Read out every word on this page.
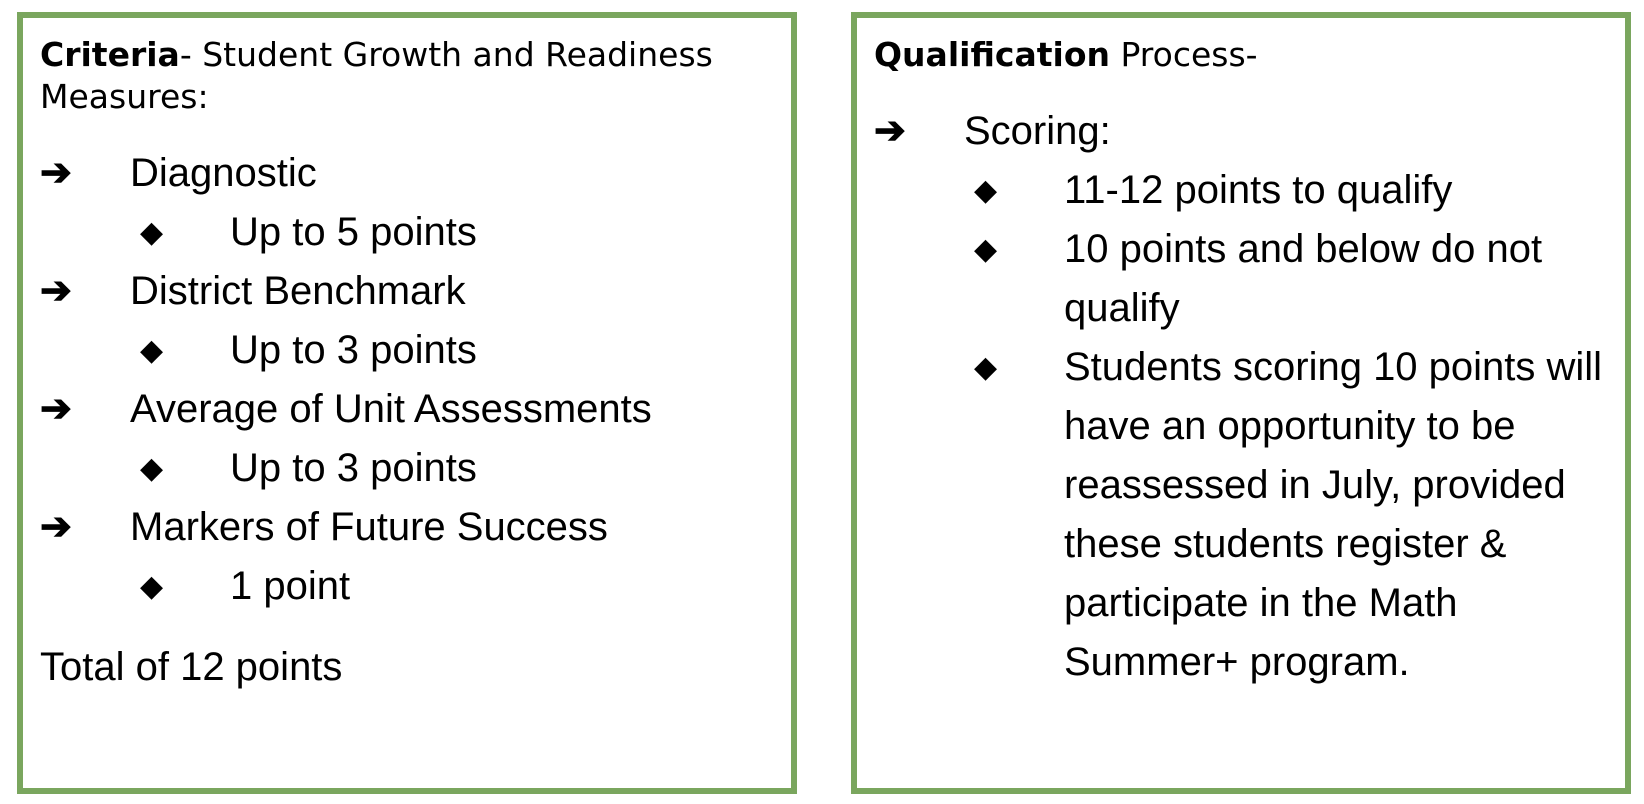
Criteria- Student Growth and Readiness Measures:
➔ Diagnostic
◆ Up to 5 points
➔ District Benchmark
◆ Up to 3 points
➔ Average of Unit Assessments
◆ Up to 3 points
➔ Markers of Future Success
◆ 1 point
Total of 12 points
Qualification Process-
➔ Scoring:
◆ 11-12 points to qualify
◆ 10 points and below do not qualify
◆ Students scoring 10 points will have an opportunity to be reassessed in July, provided these students register & participate in the Math Summer+ program.
